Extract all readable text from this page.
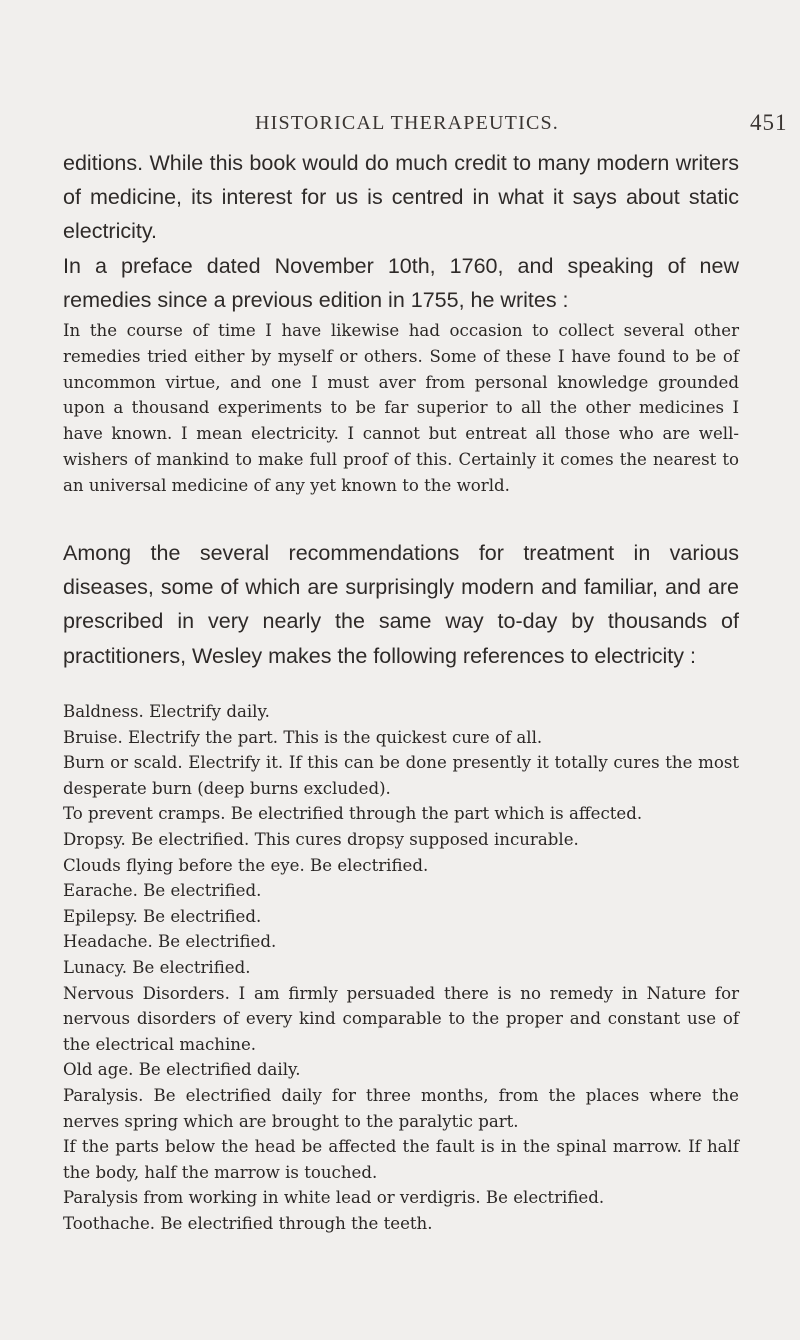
HISTORICAL THERAPEUTICS.	451

editions. While this book would do much credit to many modern writers of medicine, its interest for us is centred in what it says about static electricity.

In a preface dated November 10th, 1760, and speaking of new remedies since a previous edition in 1755, he writes :

In the course of time I have likewise had occasion to collect several other remedies tried either by myself or others. Some of these I have found to be of uncommon virtue, and one I must aver from personal knowledge grounded upon a thousand experiments to be far superior to all the other medicines I have known. I mean electricity. I cannot but entreat all those who are well-wishers of mankind to make full proof of this. Certainly it comes the nearest to an universal medicine of any yet known to the world.

Among the several recommendations for treatment in various diseases, some of which are surprisingly modern and familiar, and are prescribed in very nearly the same way to-day by thousands of practitioners, Wesley makes the following references to electricity :

Baldness. Electrify daily.

Bruise. Electrify the part. This is the quickest cure of all.

Burn or scald. Electrify it. If this can be done presently it totally cures the most desperate burn (deep burns excluded).

To prevent cramps. Be electrified through the part which is affected.

Dropsy. Be electrified. This cures dropsy supposed incurable.

Clouds flying before the eye. Be electrified.

Earache. Be electrified.

Epilepsy. Be electrified.

Headache. Be electrified.

Lunacy. Be electrified.

Nervous Disorders. I am firmly persuaded there is no remedy in Nature for nervous disorders of every kind comparable to the proper and constant use of the electrical machine.

Old age. Be electrified daily.

Paralysis. Be electrified daily for three months, from the places where the nerves spring which are brought to the paralytic part.

If the parts below the head be affected the fault is in the spinal marrow. If half the body, half the marrow is touched.

Paralysis from working in white lead or verdigris. Be electrified.

Toothache. Be electrified through the teeth.
